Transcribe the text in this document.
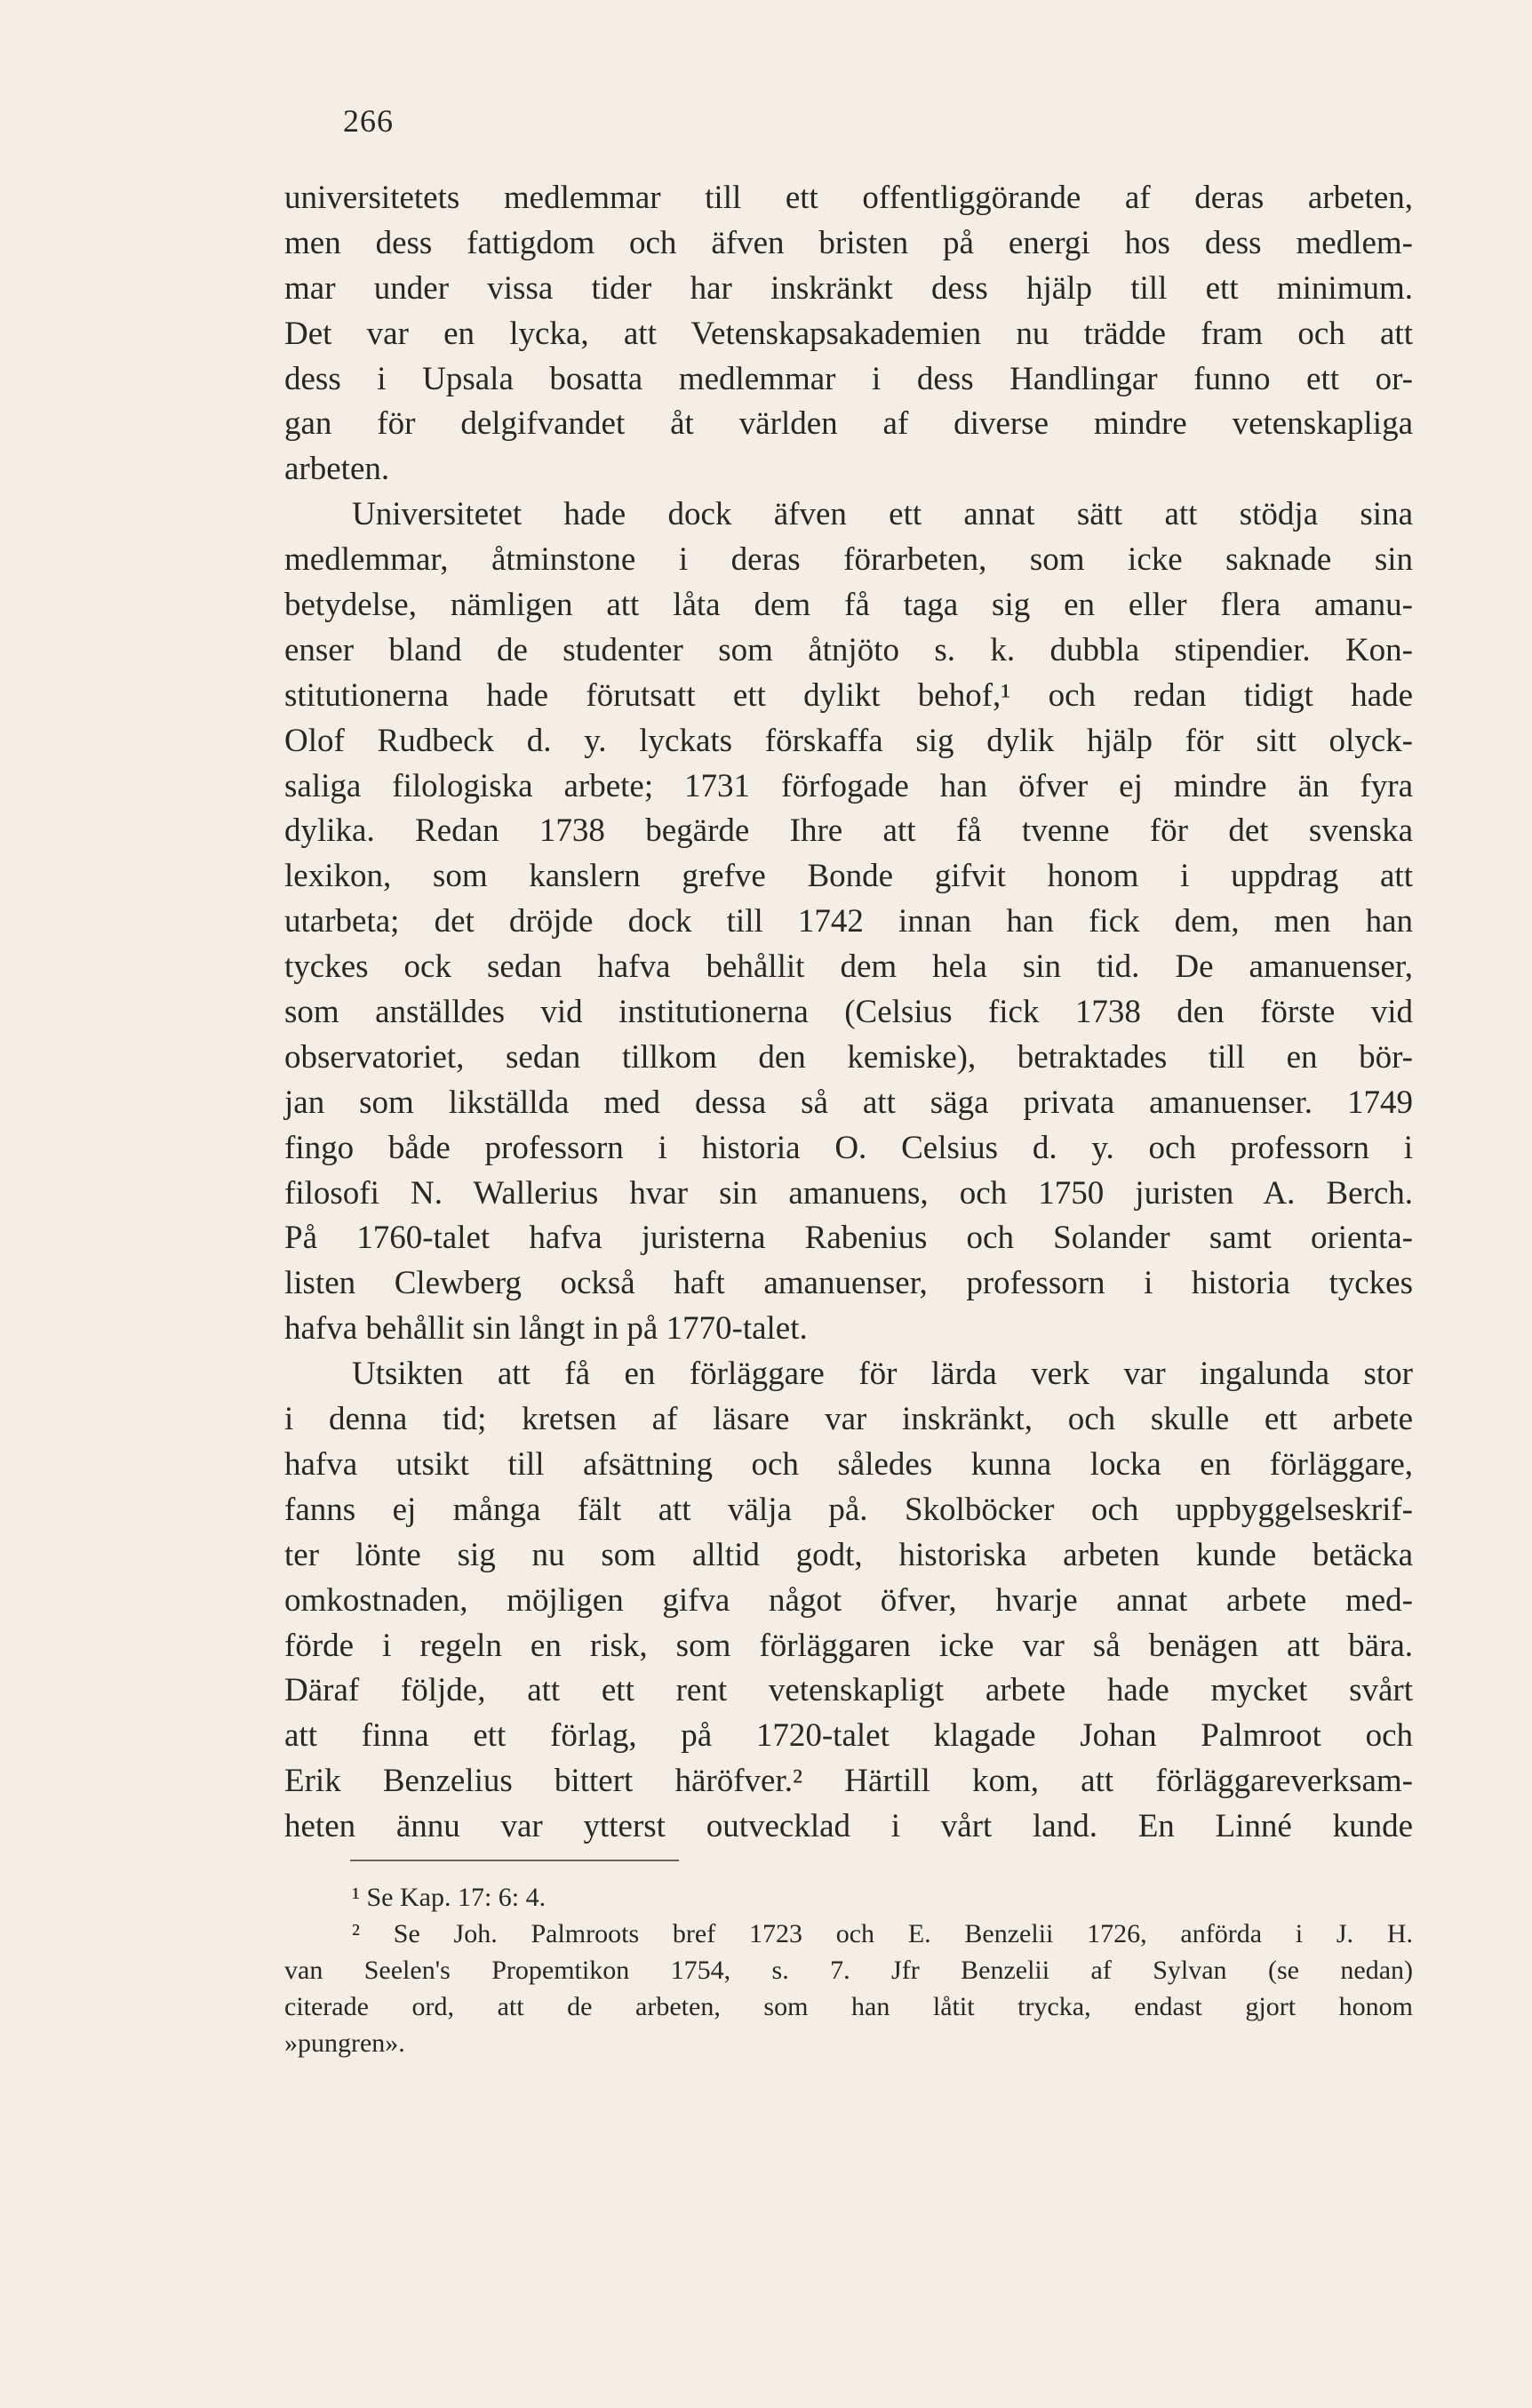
266
universitetets medlemmar till ett offentliggörande af deras arbeten,
men dess fattigdom och äfven bristen på energi hos dess medlem-
mar under vissa tider har inskränkt dess hjälp till ett minimum.
Det var en lycka, att Vetenskapsakademien nu trädde fram och att
dess i Upsala bosatta medlemmar i dess Handlingar funno ett or-
gan för delgifvandet åt världen af diverse mindre vetenskapliga
arbeten.
Universitetet hade dock äfven ett annat sätt att stödja sina
medlemmar, åtminstone i deras förarbeten, som icke saknade sin
betydelse, nämligen att låta dem få taga sig en eller flera amanu-
enser bland de studenter som åtnjöto s. k. dubbla stipendier. Kon-
stitutionerna hade förutsatt ett dylikt behof,¹ och redan tidigt hade
Olof Rudbeck d. y. lyckats förskaffa sig dylik hjälp för sitt olyck-
saliga filologiska arbete; 1731 förfogade han öfver ej mindre än fyra
dylika. Redan 1738 begärde Ihre att få tvenne för det svenska
lexikon, som kanslern grefve Bonde gifvit honom i uppdrag att
utarbeta; det dröjde dock till 1742 innan han fick dem, men han
tyckes ock sedan hafva behållit dem hela sin tid. De amanuenser,
som anställdes vid institutionerna (Celsius fick 1738 den förste vid
observatoriet, sedan tillkom den kemiske), betraktades till en bör-
jan som likställda med dessa så att säga privata amanuenser. 1749
fingo både professorn i historia O. Celsius d. y. och professorn i
filosofi N. Wallerius hvar sin amanuens, och 1750 juristen A. Berch.
På 1760-talet hafva juristerna Rabenius och Solander samt orienta-
listen Clewberg också haft amanuenser, professorn i historia tyckes
hafva behållit sin långt in på 1770-talet.
Utsikten att få en förläggare för lärda verk var ingalunda stor
i denna tid; kretsen af läsare var inskränkt, och skulle ett arbete
hafva utsikt till afsättning och således kunna locka en förläggare,
fanns ej många fält att välja på. Skolböcker och uppbyggelseskrif-
ter lönte sig nu som alltid godt, historiska arbeten kunde betäcka
omkostnaden, möjligen gifva något öfver, hvarje annat arbete med-
förde i regeln en risk, som förläggaren icke var så benägen att bära.
Däraf följde, att ett rent vetenskapligt arbete hade mycket svårt
att finna ett förlag, på 1720-talet klagade Johan Palmroot och
Erik Benzelius bittert häröfver.² Härtill kom, att förläggareverksam-
heten ännu var ytterst outvecklad i vårt land. En Linné kunde
¹ Se Kap. 17: 6: 4.
² Se Joh. Palmroots bref 1723 och E. Benzelii 1726, anförda i J. H.
van Seelen's Propemtikon 1754, s. 7. Jfr Benzelii af Sylvan (se nedan)
citerade ord, att de arbeten, som han låtit trycka, endast gjort honom
»pungren».
